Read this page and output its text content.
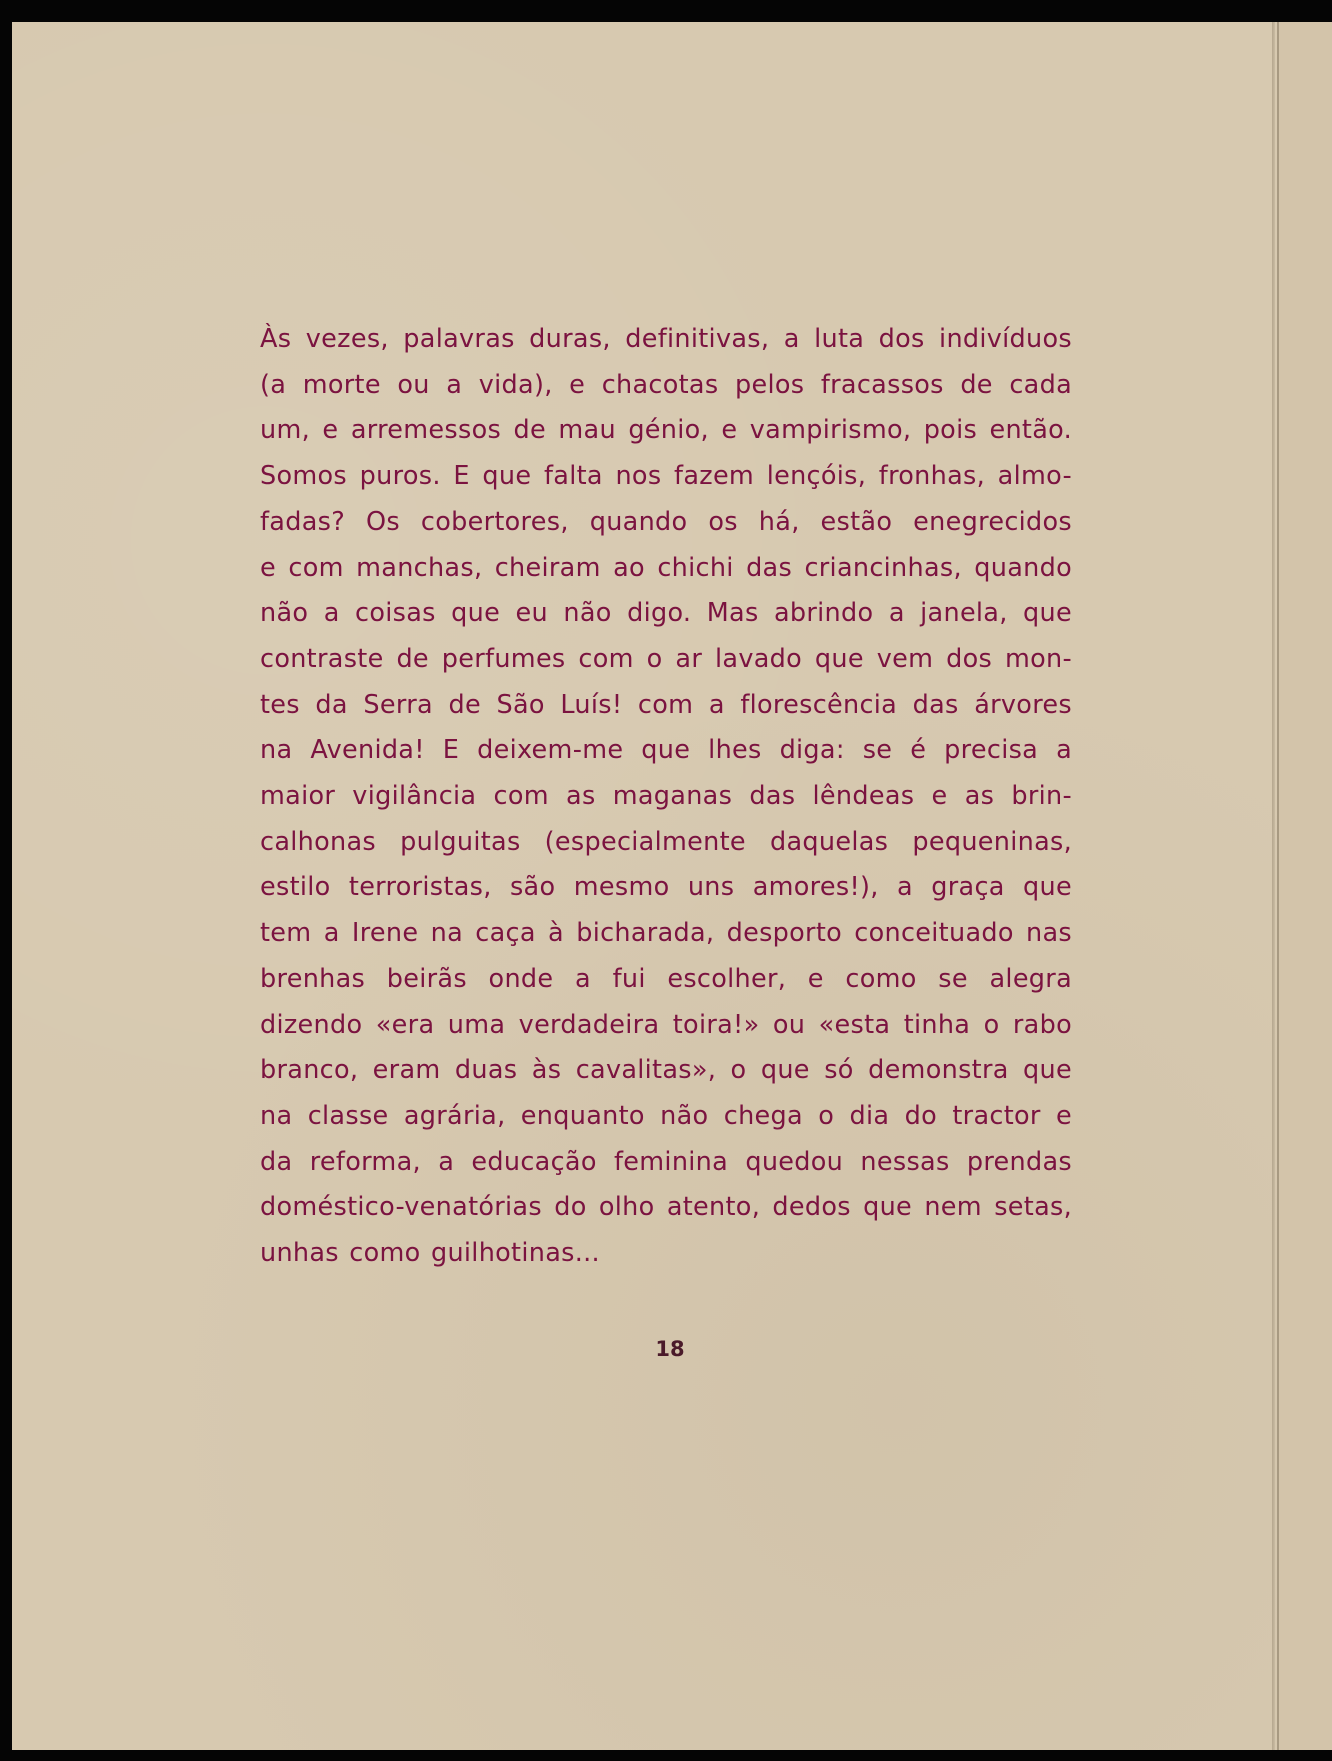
Às vezes, palavras duras, definitivas, a luta dos indivíduos
(a morte ou a vida), e chacotas pelos fracassos de cada
um, e arremessos de mau génio, e vampirismo, pois então.
Somos puros. E que falta nos fazem lençóis, fronhas, almo-
fadas? Os cobertores, quando os há, estão enegrecidos
e com manchas, cheiram ao chichi das criancinhas, quando
não a coisas que eu não digo. Mas abrindo a janela, que
contraste de perfumes com o ar lavado que vem dos mon-
tes da Serra de São Luís! com a florescência das árvores
na Avenida! E deixem-me que lhes diga: se é precisa a
maior vigilância com as maganas das lêndeas e as brin-
calhonas pulguitas (especialmente daquelas pequeninas,
estilo terroristas, são mesmo uns amores!), a graça que
tem a Irene na caça à bicharada, desporto conceituado nas
brenhas beirãs onde a fui escolher, e como se alegra
dizendo «era uma verdadeira toira!» ou «esta tinha o rabo
branco, eram duas às cavalitas», o que só demonstra que
na classe agrária, enquanto não chega o dia do tractor e
da reforma, a educação feminina quedou nessas prendas
doméstico-venatórias do olho atento, dedos que nem setas,
unhas como guilhotinas...
18
